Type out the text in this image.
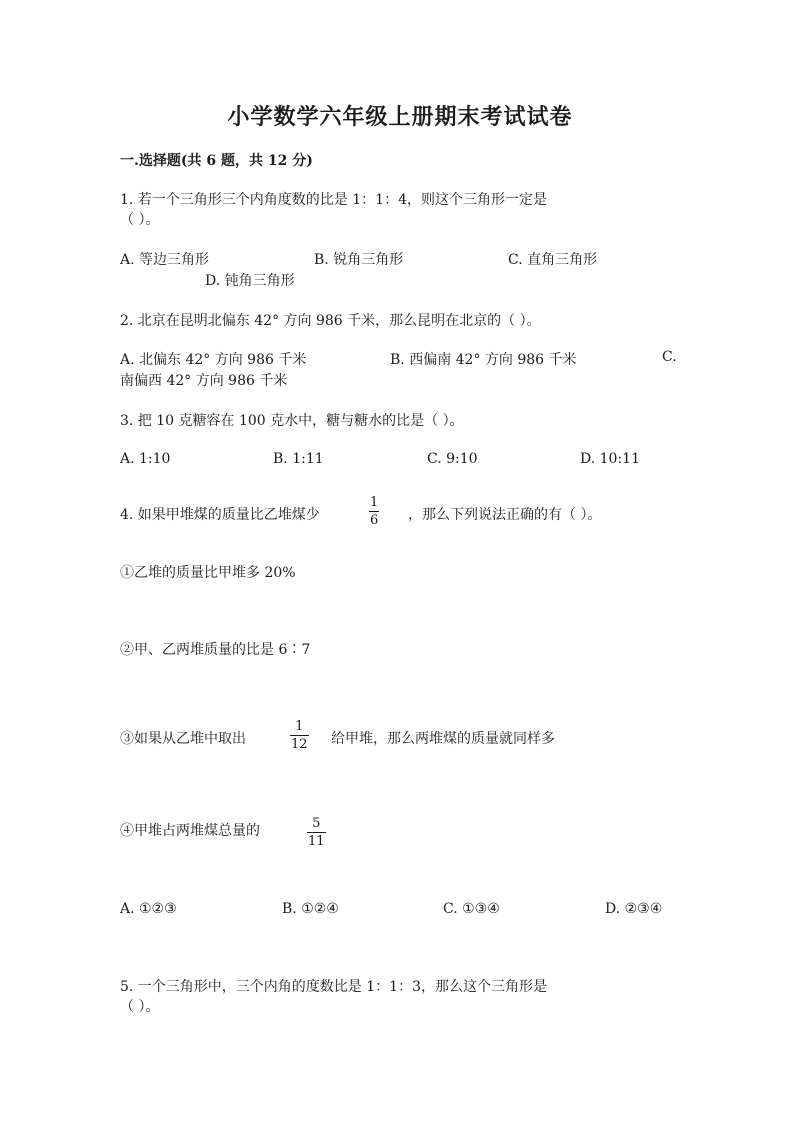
小学数学六年级上册期末考试试卷
一.选择题(共 6 题，共 12 分)
1. 若一个三角形三个内角度数的比是 1：1：4，则这个三角形一定是
（ ）。
A. 等边三角形	B. 锐角三角形	C. 直角三角形
D. 钝角三角形
2. 北京在昆明北偏东 42° 方向 986 千米，那么昆明在北京的（ ）。
A. 北偏东 42° 方向 986 千米	B. 西偏南 42° 方向 986 千米	C.
南偏西 42° 方向 986 千米
3. 把 10 克糖容在 100 克水中，糖与糖水的比是（ ）。
A. 1:10	B. 1:11	C. 9:10	D. 10:11
4. 如果甲堆煤的质量比乙堆煤少
1
6 ，那么下列说法正确的有（ ）。
①乙堆的质量比甲堆多 20%
②甲、乙两堆质量的比是 6∶7
③如果从乙堆中取出
1
12 给甲堆，那么两堆煤的质量就同样多
④甲堆占两堆煤总量的	5
11
A. ①②③	B. ①②④	C. ①③④	D. ②③④
5. 一个三角形中，三个内角的度数比是 1：1：3，那么这个三角形是
（ ）。
